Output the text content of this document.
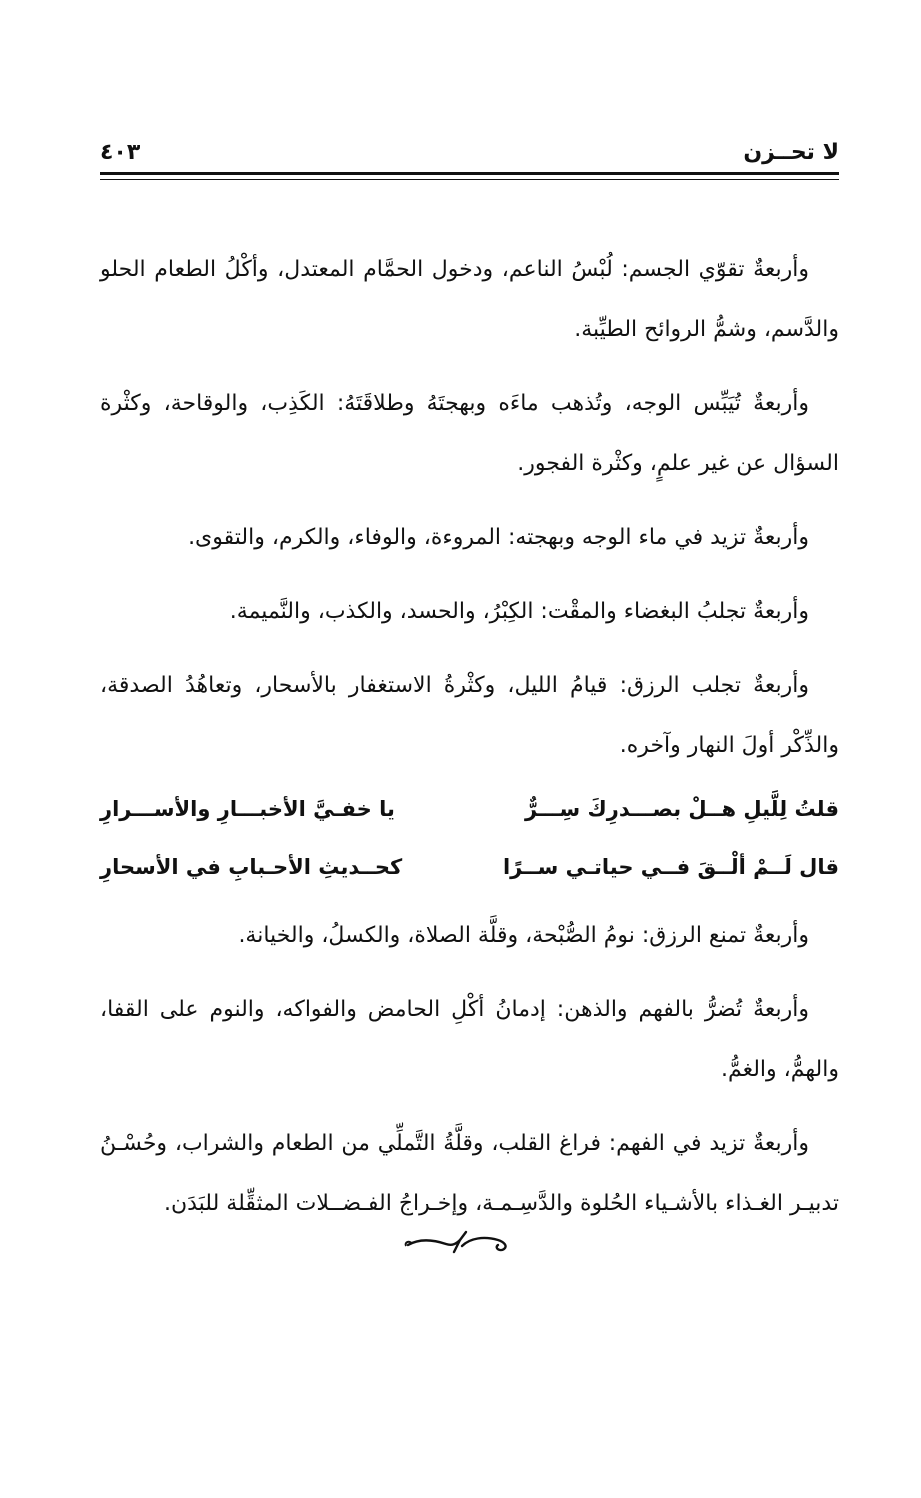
لا تحــزن
٤٠٣

وأربعةٌ تقوّي الجسم: لُبْسُ الناعم، ودخول الحمَّام المعتدل، وأكْلُ الطعام الحلو والدَّسم، وشمُّ الروائح الطيِّبة.

وأربعةٌ تُيَبِّس الوجه، وتُذهب ماءَه وبهجتَهُ وطلاقَتَهُ: الكَذِب، والوقاحة، وكثْرة السؤال عن غير علمٍ، وكثْرة الفجور.

وأربعةٌ تزيد في ماء الوجه وبهجته: المروءة، والوفاء، والكرم، والتقوى.

وأربعةٌ تجلبُ البغضاء والمقْت: الكِبْرُ، والحسد، والكذب، والنَّميمة.

وأربعةٌ تجلب الرزق: قيامُ الليل، وكثْرةُ الاستغفار بالأسحار، وتعاهُدُ الصدقة، والذِّكْر أولَ النهار وآخره.

قلتُ لِلَّيلِ هــلْ بصـــدرِكَ سِـــرٌّ
يا خفـيَّ الأخبـــارِ والأســـرارِ
قال لَــمْ ألْــقَ فــي حياتـي ســرًا
كحــديثِ الأحـبابِ في الأسحارِ

وأربعةٌ تمنع الرزق: نومُ الصُّبْحة، وقلَّة الصلاة، والكسلُ، والخيانة.

وأربعةٌ تُضرُّ بالفهم والذهن: إدمانُ أكْلِ الحامض والفواكه، والنوم على القفا، والهمُّ، والغمُّ.

وأربعةٌ تزيد في الفهم: فراغ القلب، وقلَّةُ التَّملِّي من الطعام والشراب، وحُسْـنُ تدبيـر الغـذاء بالأشـياء الحُلوة والدَّسِـمـة، وإخـراجُ الفـضــلات المثقِّلة للبَدَن.
